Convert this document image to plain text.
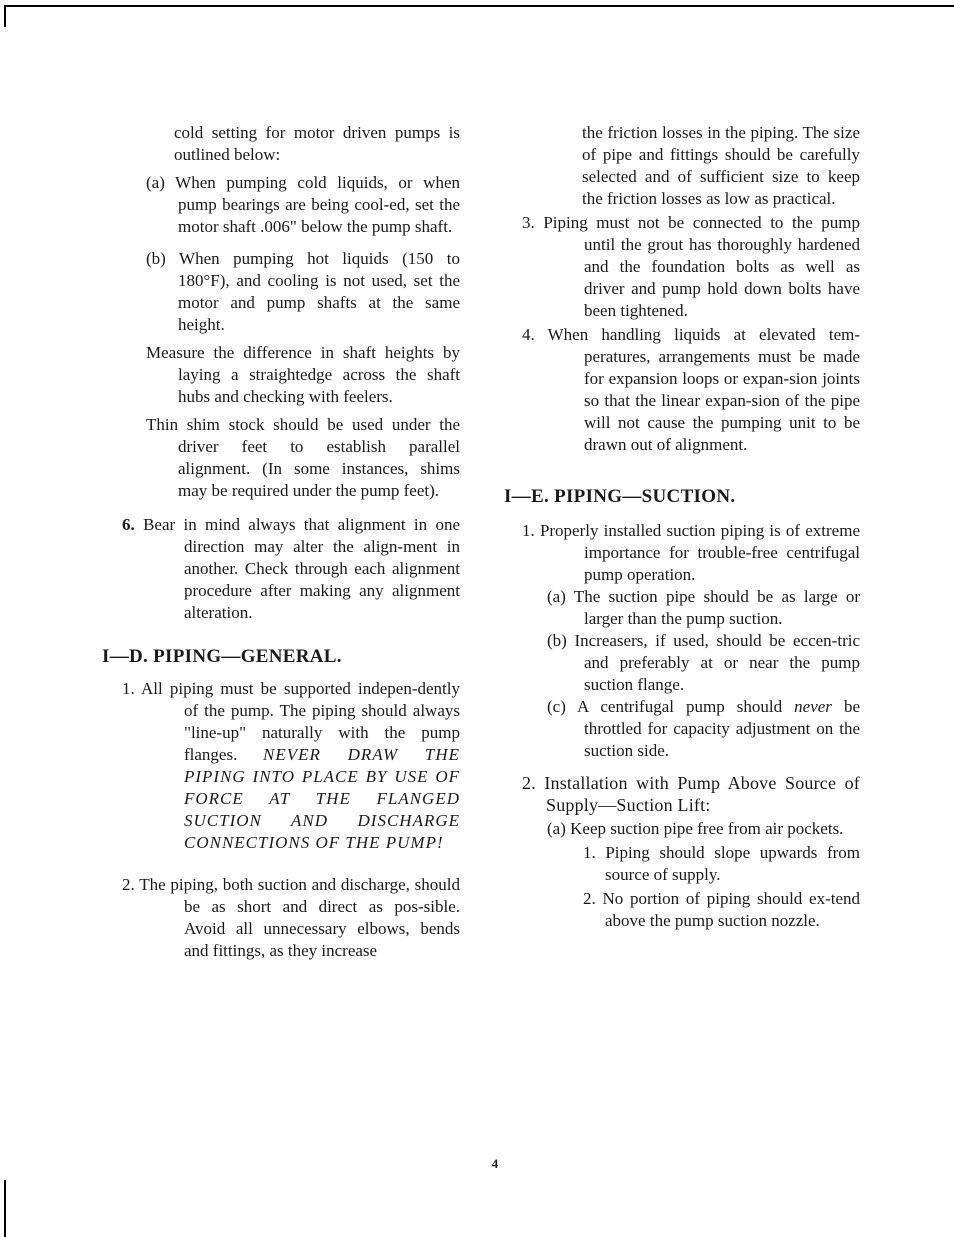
cold setting for motor driven pumps is outlined below:

(a) When pumping cold liquids, or when pump bearings are being cool-ed, set the motor shaft .006" below the pump shaft.

(b) When pumping hot liquids (150 to 180°F), and cooling is not used, set the motor and pump shafts at the same height.

Measure the difference in shaft heights by laying a straightedge across the shaft hubs and checking with feelers.

Thin shim stock should be used under the driver feet to establish parallel alignment. (In some instances, shims may be required under the pump feet).

6. Bear in mind always that alignment in one direction may alter the align-ment in another. Check through each alignment procedure after making any alignment alteration.

I—D. PIPING—GENERAL.

1. All piping must be supported indepen-dently of the pump. The piping should always "line-up" naturally with the pump flanges. NEVER DRAW THE PIPING INTO PLACE BY USE OF FORCE AT THE FLANGED SUCTION AND DISCHARGE CONNECTIONS OF THE PUMP!

2. The piping, both suction and discharge, should be as short and direct as pos-sible. Avoid all unnecessary elbows, bends and fittings, as they increase

the friction losses in the piping. The size of pipe and fittings should be carefully selected and of sufficient size to keep the friction losses as low as practical.

3. Piping must not be connected to the pump until the grout has thoroughly hardened and the foundation bolts as well as driver and pump hold down bolts have been tightened.

4. When handling liquids at elevated tem-peratures, arrangements must be made for expansion loops or expan-sion joints so that the linear expan-sion of the pipe will not cause the pumping unit to be drawn out of alignment.

I—E. PIPING—SUCTION.

1. Properly installed suction piping is of extreme importance for trouble-free centrifugal pump operation.

(a) The suction pipe should be as large or larger than the pump suction.

(b) Increasers, if used, should be eccen-tric and preferably at or near the pump suction flange.

(c) A centrifugal pump should never be throttled for capacity adjustment on the suction side.

2. Installation with Pump Above Source of Supply—Suction Lift:

(a) Keep suction pipe free from air pockets.

1. Piping should slope upwards from source of supply.

2. No portion of piping should ex-tend above the pump suction nozzle.

4
